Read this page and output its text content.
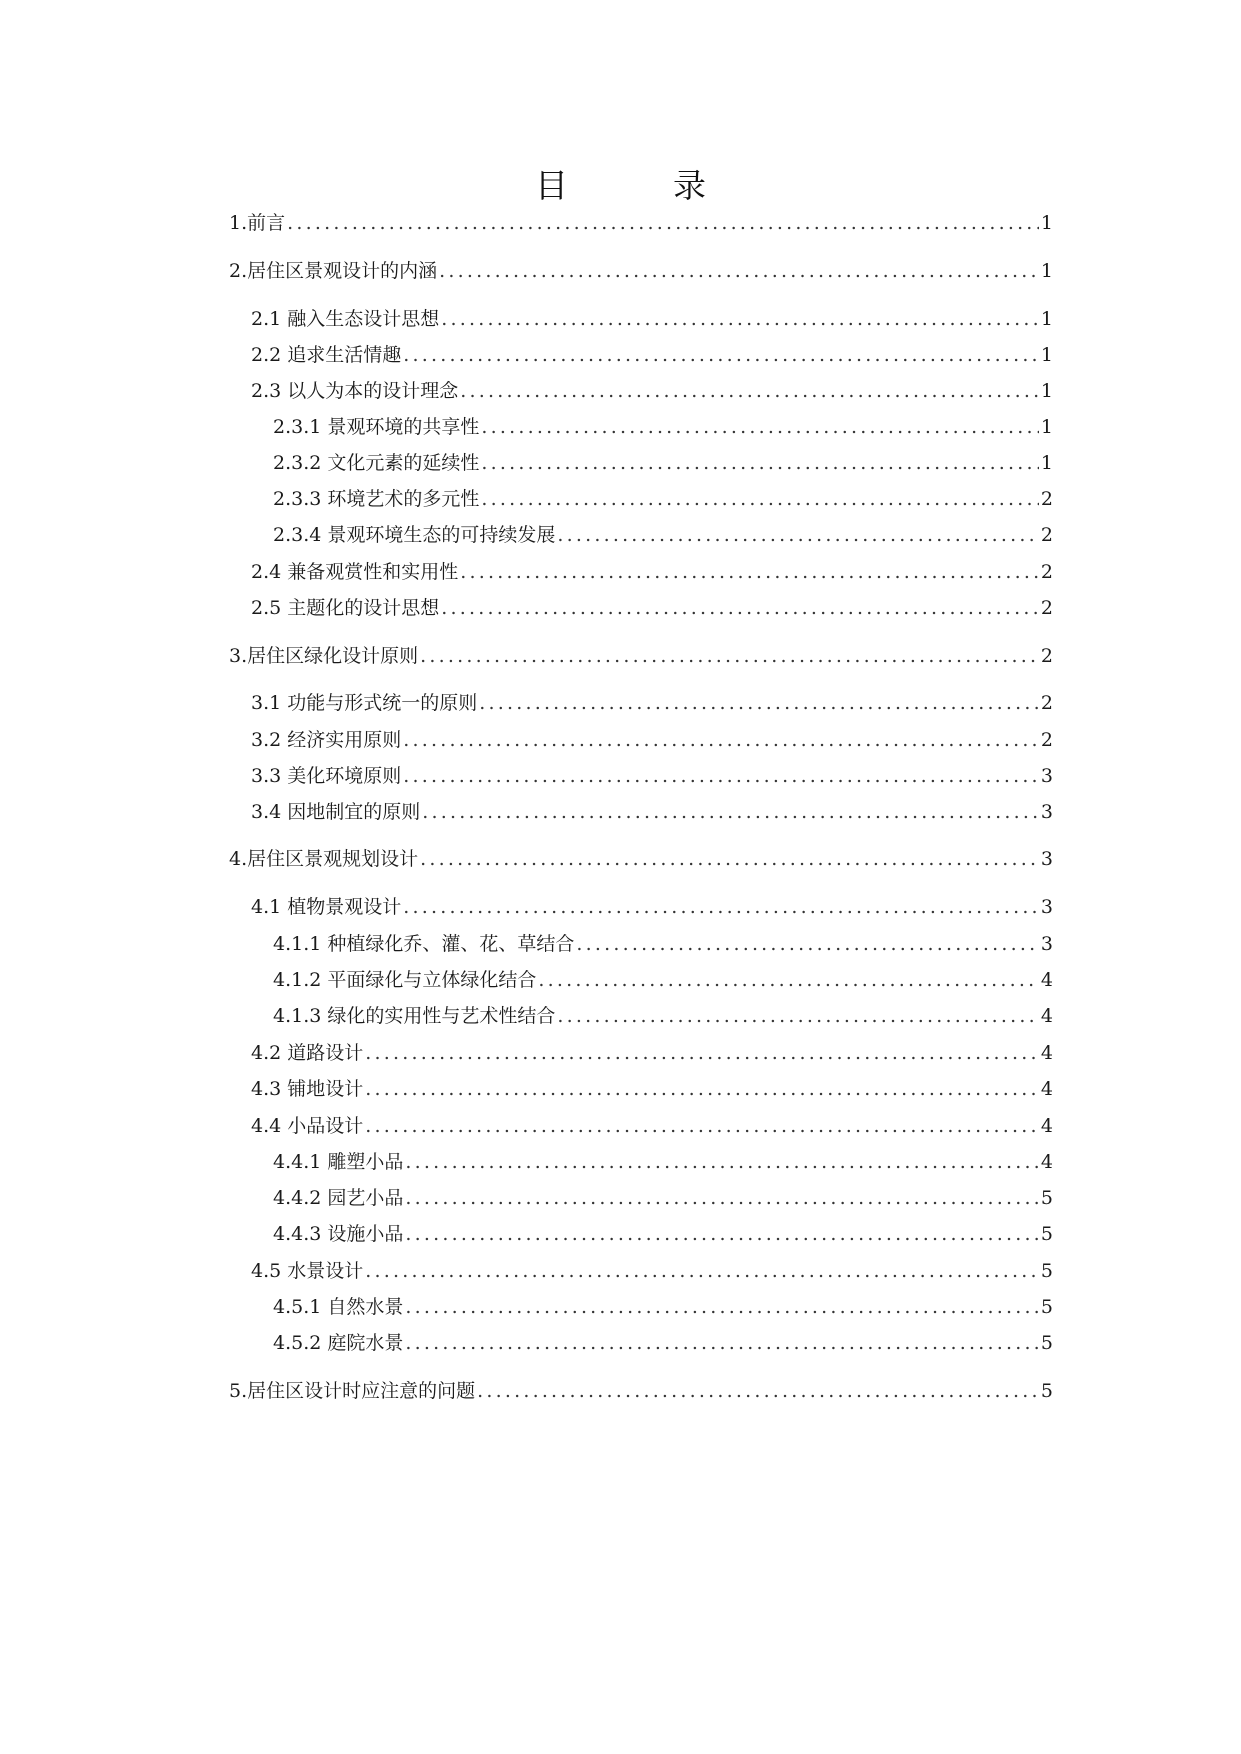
目　录
1.前言 .....	1
2.居住区景观设计的内涵 .....	1
2.1 融入生态设计思想 .....	1
2.2 追求生活情趣 .....	1
2.3 以人为本的设计理念 .....	1
2.3.1 景观环境的共享性 .....	1
2.3.2 文化元素的延续性 .....	1
2.3.3 环境艺术的多元性 .....	2
2.3.4 景观环境生态的可持续发展 .....	2
2.4 兼备观赏性和实用性 .....	2
2.5 主题化的设计思想 .....	2
3.居住区绿化设计原则 .....	2
3.1 功能与形式统一的原则 .....	2
3.2 经济实用原则 .....	2
3.3 美化环境原则 .....	3
3.4 因地制宜的原则 .....	3
4.居住区景观规划设计 .....	3
4.1 植物景观设计 .....	3
4.1.1 种植绿化乔、灌、花、草结合 .....	3
4.1.2 平面绿化与立体绿化结合 .....	4
4.1.3 绿化的实用性与艺术性结合 .....	4
4.2 道路设计 .....	4
4.3 铺地设计 .....	4
4.4 小品设计 .....	4
4.4.1 雕塑小品 .....	4
4.4.2 园艺小品 .....	5
4.4.3 设施小品 .....	5
4.5 水景设计 .....	5
4.5.1 自然水景 .....	5
4.5.2 庭院水景 .....	5
5.居住区设计时应注意的问题 .....	5
